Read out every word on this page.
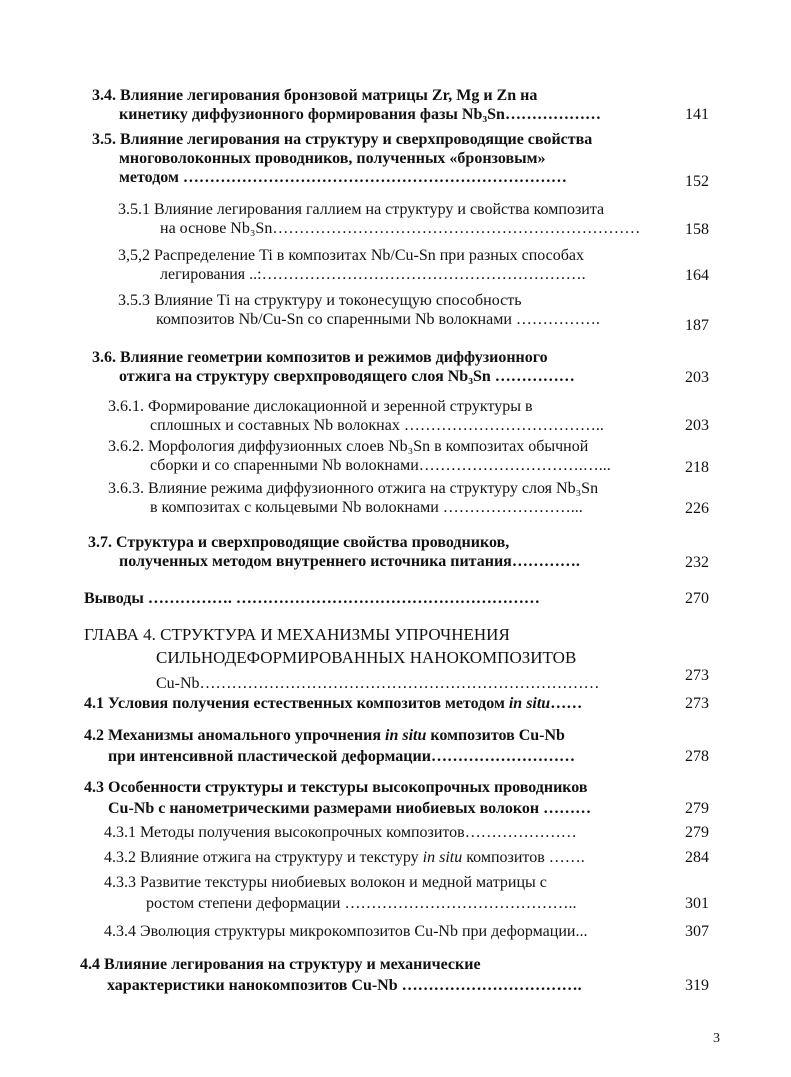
3.4. Влияние легирования бронзовой матрицы Zr, Mg и Zn на
кинетику диффузионного формирования фазы Nb₃Sn………………	141
3.5. Влияние легирования на структуру и сверхпроводящие свойства
многоволоконных проводников, полученных «бронзовым»
методом ………………………………………………………………	152
3.5.1 Влияние легирования галлием на структуру и свойства композита
на основе Nb₃Sn……………………………………………………………	158
3,5,2 Распределение Ti в композитах Nb/Cu-Sn при разных способах
легирования ..:…………………………………………………….	164
3.5.3 Влияние Ti на структуру и токонесущую способность
композитов Nb/Cu-Sn со спаренными Nb волокнами …………….	187
3.6. Влияние геометрии композитов и режимов диффузионного
отжига на структуру сверхпроводящего слоя Nb₃Sn ……………	203
3.6.1. Формирование дислокационной и зеренной структуры в
сплошных и составных Nb волокнах ………………………………..	203
3.6.2. Морфология диффузионных слоев Nb₃Sn в композитах обычной
сборки и со спаренными Nb волокнами………………………….…...	218
3.6.3. Влияние режима диффузионного отжига на структуру слоя Nb₃Sn
в композитах с кольцевыми Nb волокнами ……………………...	226
3.7. Структура и сверхпроводящие свойства проводников,
полученных методом внутреннего источника питания………….	232
Выводы ……………. …………………………………………………	270
ГЛАВА 4. СТРУКТУРА И МЕХАНИЗМЫ УПРОЧНЕНИЯ
СИЛЬНОДЕФОРМИРОВАННЫХ НАНОКОМПОЗИТОВ
Cu-Nb…………………………………………………………………	273
4.1 Условия получения естественных композитов методом in situ……	273
4.2 Механизмы аномального упрочнения in situ композитов Cu-Nb
при интенсивной пластической деформации………………………	278
4.3 Особенности структуры и текстуры высокопрочных проводников
Cu-Nb с нанометрическими размерами ниобиевых волокон ………	279
4.3.1 Методы получения высокопрочных композитов…………………	279
4.3.2 Влияние отжига на структуру и текстуру in situ композитов …….	284
4.3.3 Развитие текстуры ниобиевых волокон и медной матрицы с
ростом степени деформации ……………………………………..	301
4.3.4 Эволюция структуры микрокомпозитов Cu-Nb при деформации...	307
4.4 Влияние легирования на структуру и механические
характеристики нанокомпозитов Cu-Nb …………………………….	319
3
